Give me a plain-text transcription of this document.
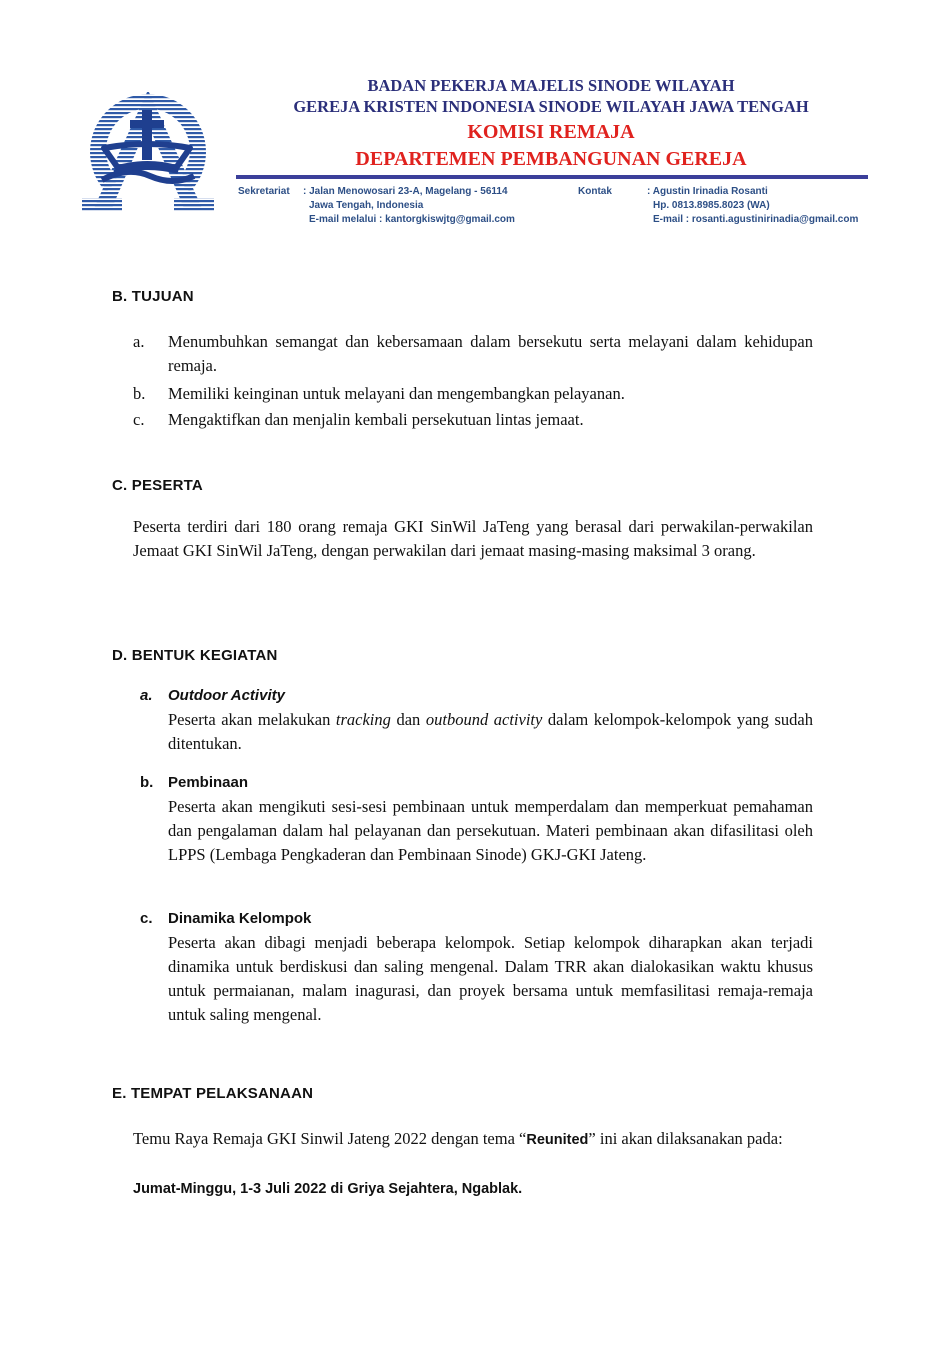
BADAN PEKERJA MAJELIS SINODE WILAYAH
GEREJA KRISTEN INDONESIA SINODE WILAYAH JAWA TENGAH
KOMISI REMAJA
DEPARTEMEN PEMBANGUNAN GEREJA
Sekretariat : Jalan Menowosari 23-A, Magelang - 56114
Jawa Tengah, Indonesia
E-mail melalui : kantorgkiswjtg@gmail.com
Kontak	: Agustin Irinadia Rosanti
Hp. 0813.8985.8023 (WA)
E-mail : rosanti.agustinirinadia@gmail.com
B. TUJUAN
a. Menumbuhkan semangat dan kebersamaan dalam bersekutu serta melayani dalam kehidupan remaja.
b. Memiliki keinginan untuk melayani dan mengembangkan pelayanan.
c. Mengaktifkan dan menjalin kembali persekutuan lintas jemaat.
C. PESERTA
Peserta terdiri dari 180 orang remaja GKI SinWil JaTeng yang berasal dari perwakilan-perwakilan Jemaat GKI SinWil JaTeng, dengan perwakilan dari jemaat masing-masing maksimal 3 orang.
D. BENTUK KEGIATAN
a. Outdoor Activity
Peserta akan melakukan tracking dan outbound activity dalam kelompok-kelompok yang sudah ditentukan.
b. Pembinaan
Peserta akan mengikuti sesi-sesi pembinaan untuk memperdalam dan memperkuat pemahaman dan pengalaman dalam hal pelayanan dan persekutuan. Materi pembinaan akan difasilitasi oleh LPPS (Lembaga Pengkaderan dan Pembinaan Sinode) GKJ-GKI Jateng.
c. Dinamika Kelompok
Peserta akan dibagi menjadi beberapa kelompok. Setiap kelompok diharapkan akan terjadi dinamika untuk berdiskusi dan saling mengenal. Dalam TRR akan dialokasikan waktu khusus untuk permaianan, malam inagurasi, dan proyek bersama untuk memfasilitasi remaja-remaja untuk saling mengenal.
E. TEMPAT PELAKSANAAN
Temu Raya Remaja GKI Sinwil Jateng 2022 dengan tema “Reunited” ini akan dilaksanakan pada:
Jumat-Minggu, 1-3 Juli 2022 di Griya Sejahtera, Ngablak.
